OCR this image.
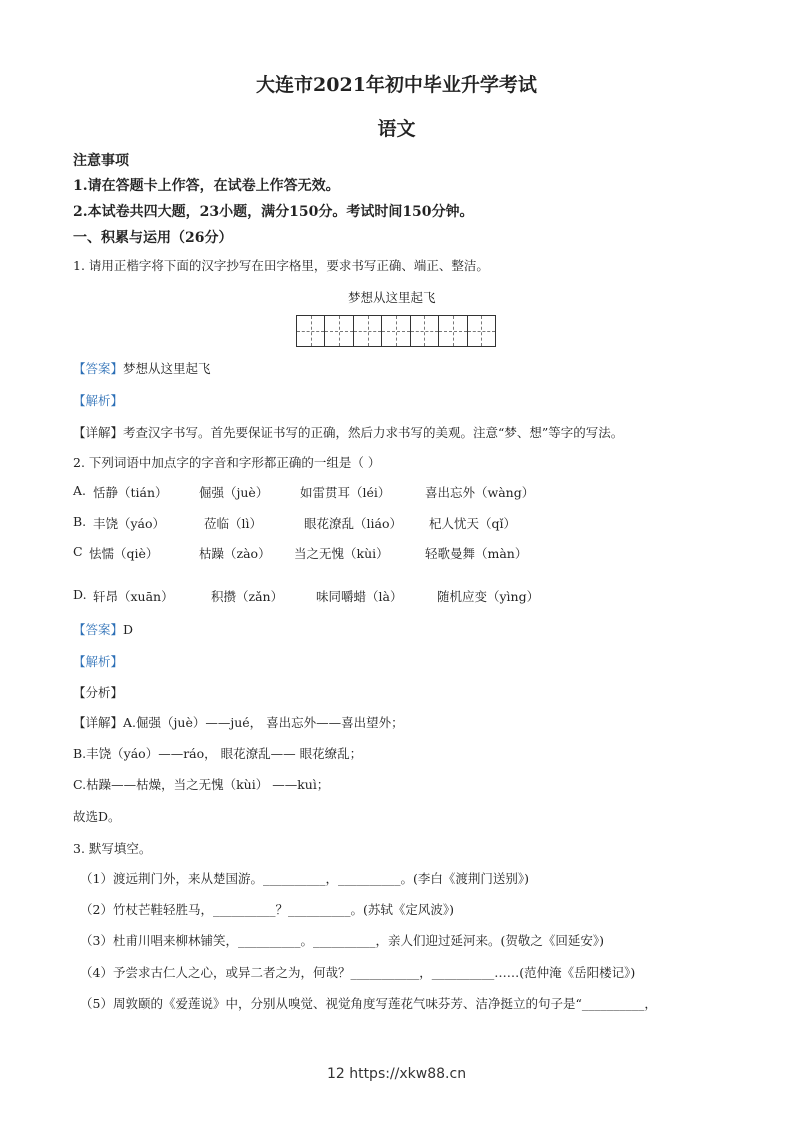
大连市2021年初中毕业升学考试
语文
注意事项
1.请在答题卡上作答，在试卷上作答无效。
2.本试卷共四大题，23小题，满分150分。考试时间150分钟。
一、积累与运用（26分）
1. 请用正楷字将下面的汉字抄写在田字格里，要求书写正确、端正、整洁。
梦想从这里起飞
【答案】梦想从这里起飞
【解析】
【详解】考查汉字书写。首先要保证书写的正确，然后力求书写的美观。注意“梦、想”等字的写法。
2. 下列词语中加点字的字音和字形都正确的一组是（ ）
A. 恬静（tián）	倔强（juè）	如雷贯耳（léi）	喜出忘外（wàng）
B. 丰饶（yáo）	莅临（lì）	眼花潦乱（liáo） 杞人忧天（qǐ）
C 怯懦（qiè）	枯躁（zào） 当之无愧（kùi）	轻歌曼舞（màn）
D. 轩昂（xuān）	积攒（zǎn）	味同嚼蜡（là）	随机应变（yìng）
【答案】D
【解析】
【分析】
【详解】A.倔强（juè）——jué， 喜出忘外——喜出望外；
B.丰饶（yáo）——ráo， 眼花潦乱—— 眼花缭乱；
C.枯躁——枯燥，当之无愧（kùi） ——kuì；
故选D。
3. 默写填空。
（1）渡远荆门外，来从楚国游。__________，__________。(李白《渡荆门送别》)
（2）竹杖芒鞋轻胜马，__________？__________。(苏轼《定风波》)
（3）杜甫川唱来柳林铺笑，__________。__________，亲人们迎过延河来。(贺敬之《回延安》)
（4）予尝求古仁人之心，或异二者之为，何哉？___________，__________……(范仲淹《岳阳楼记》)
（5）周敦颐的《爱莲说》中，分别从嗅觉、视觉角度写莲花气味芬芳、洁净挺立的句子是“__________，
12 https://xkw88.cn
